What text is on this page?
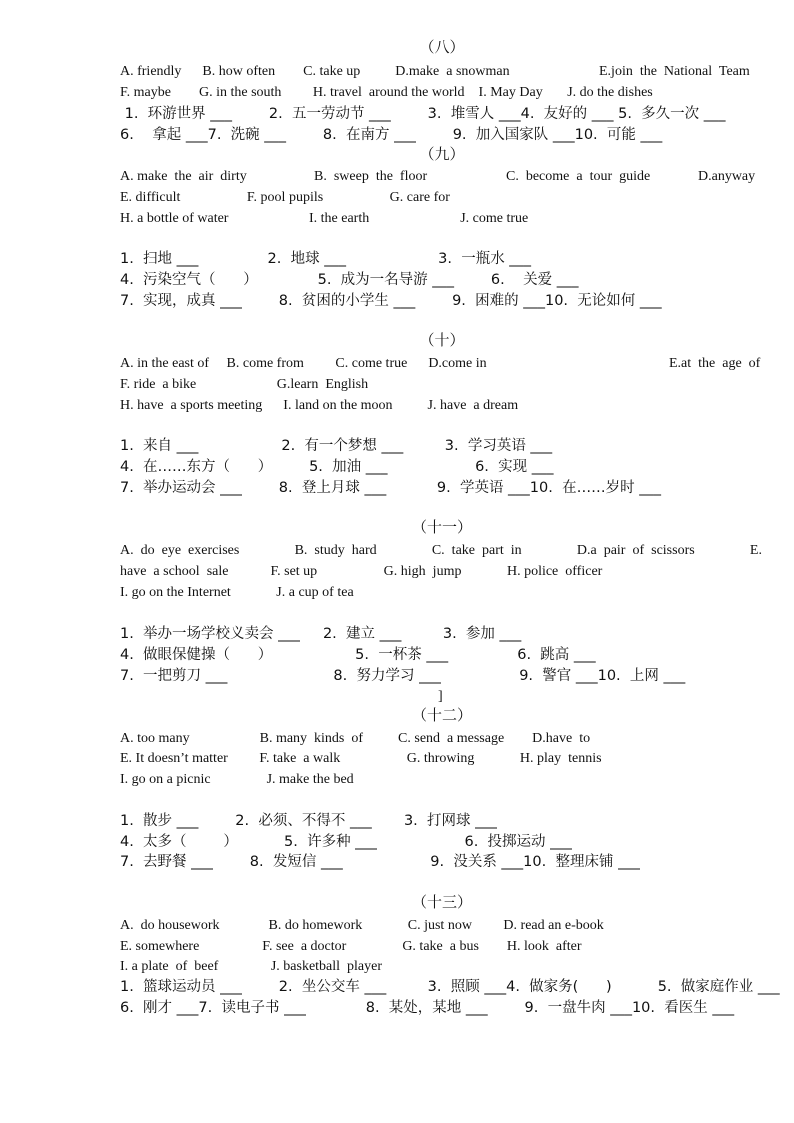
（八）
A. friendly      B. how often        C. take up          D.make  a snowman	E.join  the  National  Team
F. maybe        G. in the south         H. travel  around the world    I. May Day       J. do the dishes
1.  环游世界 ___        2.  五一劳动节 ___        3.  堆雪人 ___4.  友好的 ___ 5.  多久一次 ___
6.    拿起 ___7.  洗碗 ___        8.  在南方 ___        9.  加入国家队 ___10.  可能 ___
（九）
A. make  the  air  dirty	B.  sweep  the  floor	C.  become  a  tour  guide	D.anyway
E. difficult                   F. pool pupils                   G. care for
H. a bottle of water                       I. the earth                          J. come true
1.  扫地 ___               2.  地球 ___                    3.  一瓶水 ___
4.  污染空气（      ）             5.  成为一名导游 ___        6.    关爱 ___
7.  实现，成真 ___        8.  贫困的小学生 ___        9.  困难的 ___10.  无论如何 ___
（十）
A. in the east of     B. come from         C. come true      D.come in	E.at  the  age  of
F. ride  a bike                       G.learn  English
H. have  a sports meeting      I. land on the moon          J. have  a dream
1.  来自 ___                  2.  有一个梦想 ___         3.  学习英语 ___
4.  在……东方（      ）        5.  加油 ___                   6.  实现 ___
7.  举办运动会 ___        8.  登上月球 ___           9.  学英语 ___10.  在……岁时 ___
（十一）
A.  do  eye  exercises	B.  study  hard	C.  take  part  in	D.a  pair  of  scissors	E.
have  a school  sale            F. set up                   G. high  jump             H. police  officer
I. go on the Internet             J. a cup of tea
1.  举办一场学校义卖会 ___     2.  建立 ___         3.  参加 ___
4.  做眼保健操（      ）                  5.  一杯茶 ___               6.  跳高 ___
7.  一把剪刀 ___                       8.  努力学习 ___                 9.  警官 ___10.  上网 ___
]
（十二）
A. too many                    B. many  kinds  of          C. send  a message        D.have  to
E. It doesn’t matter         F. take  a walk                   G. throwing             H. play  tennis
I. go on a picnic                J. make the bed
1.  散步 ___        2.  必须、不得不 ___       3.  打网球 ___
4.  太多（        ）          5.  许多种 ___                   6.  投掷运动 ___
7.  去野餐 ___        8.  发短信 ___                   9.  没关系 ___10.  整理床铺 ___
（十三）
A.  do housework              B. do homework             C. just now         D. read an e-book
E. somewhere                  F. see  a doctor                G. take  a bus        H. look  after
I. a plate  of  beef               J. basketball  player
1.  篮球运动员 ___        2.  坐公交车 ___         3.  照顾 ___4.  做家务(      )          5.  做家庭作业 ___
6.  刚才 ___7.  读电子书 ___             8.  某处，某地 ___        9.  一盘牛肉 ___10.  看医生 ___
